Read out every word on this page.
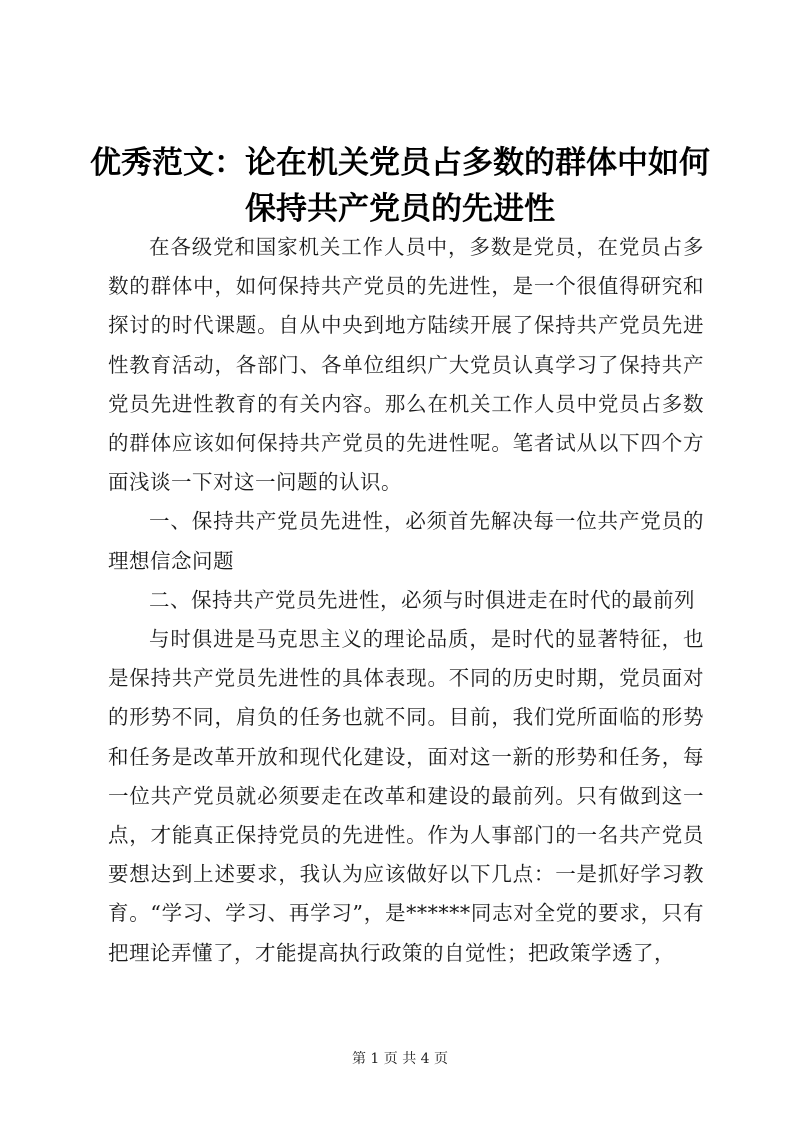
优秀范文：论在机关党员占多数的群体中如何
保持共产党员的先进性

在各级党和国家机关工作人员中，多数是党员，在党员占多数的群体中，如何保持共产党员的先进性，是一个很值得研究和探讨的时代课题。自从中央到地方陆续开展了保持共产党员先进性教育活动，各部门、各单位组织广大党员认真学习了保持共产党员先进性教育的有关内容。那么在机关工作人员中党员占多数的群体应该如何保持共产党员的先进性呢。笔者试从以下四个方面浅谈一下对这一问题的认识。

一、保持共产党员先进性，必须首先解决每一位共产党员的理想信念问题

二、保持共产党员先进性，必须与时俱进走在时代的最前列

与时俱进是马克思主义的理论品质，是时代的显著特征，也是保持共产党员先进性的具体表现。不同的历史时期，党员面对的形势不同，肩负的任务也就不同。目前，我们党所面临的形势和任务是改革开放和现代化建设，面对这一新的形势和任务，每一位共产党员就必须要走在改革和建设的最前列。只有做到这一点，才能真正保持党员的先进性。作为人事部门的一名共产党员要想达到上述要求，我认为应该做好以下几点：一是抓好学习教育。“学习、学习、再学习”，是******同志对全党的要求，只有把理论弄懂了，才能提高执行政策的自觉性；把政策学透了，

第 1 页 共 4 页
